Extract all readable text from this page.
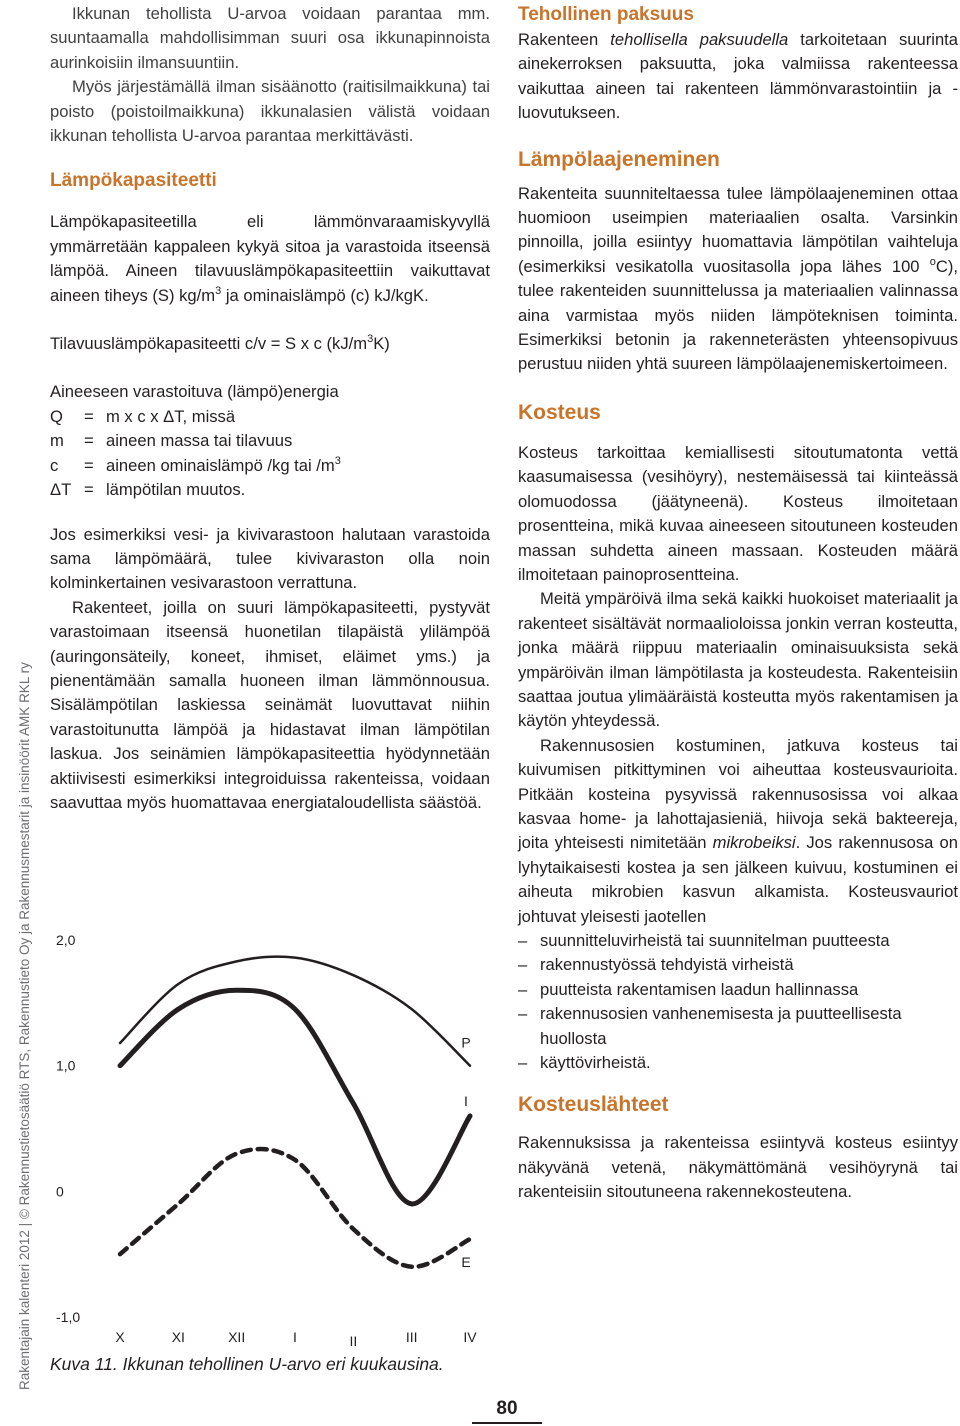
Rakentajain kalenteri 2012 | © Rakennustietosäätiö RTS, Rakennustieto Oy ja Rakennusmestarit ja insinöörit AMK RKL ry

Ikkunan tehollista U-arvoa voidaan parantaa mm. suuntaamalla mahdollisimman suuri osa ikkunapinnoista aurinkoisiin ilmansuuntiin.

Myös järjestämällä ilman sisäänotto (raitisilmaikkuna) tai poisto (poistoilmaikkuna) ikkunalasien välistä voidaan ikkunan tehollista U-arvoa parantaa merkittävästi.

Lämpökapasiteetti

Lämpökapasiteetilla eli lämmönvaraamiskyvyllä ymmärretään kappaleen kykyä sitoa ja varastoida itseensä lämpöä. Aineen tilavuuslämpökapasiteettiin vaikuttavat aineen tiheys (S) $kg/m^3$ ja ominaislämpö (c) kJ/kgK.

Tilavuuslämpökapasiteetti c/v = S x c $(kJ/m^3K)$

Aineeseen varastoituva (lämpö)energia

Q	= m x c x ΔT, missä
m	= aineen massa tai tilavuus
c	= aineen ominaislämpö /kg tai $/m^3$
ΔT = lämpötilan muutos.

Jos esimerkiksi vesi- ja kivivarastoon halutaan varastoida sama lämpömäärä, tulee kivivaraston olla noin kolminkertainen vesivarastoon verrattuna.

Rakenteet, joilla on suuri lämpökapasiteetti, pystyvät varastoimaan itseensä huonetilan tilapäistä ylilämpöä (auringonsäteily, koneet, ihmiset, eläimet yms.) ja pienentämään samalla huoneen ilman lämmönnousua. Sisälämpötilan laskiessa seinämät luovuttavat niihin varastoitunutta lämpöä ja hidastavat ilman lämpötilan laskua. Jos seinämien lämpökapasiteettia hyödynnetään aktiivisesti esimerkiksi integroiduissa rakenteissa, voidaan saavuttaa myös huomattavaa energiataloudellista säästöä.

2,0
1,0
0
-1,0
X	XI	XII	I	II	III	IV
P
I
E
Kuva 11. Ikkunan tehollinen U-arvo eri kuukausina.
Tehollinen paksuus

Rakenteen tehollisella paksuudella tarkoitetaan suurinta ainekerroksen paksuutta, joka valmiissa rakenteessa vaikuttaa aineen tai rakenteen lämmönvarastointiin ja -luovutukseen.

Lämpölaajeneminen

Rakenteita suunniteltaessa tulee lämpölaajeneminen ottaa huomioon useimpien materiaalien osalta. Varsinkin pinnoilla, joilla esiintyy huomattavia lämpötilan vaihteluja (esimerkiksi vesikatolla vuositasolla jopa lähes 100 $^o$C), tulee rakenteiden suunnittelussa ja materiaalien valinnassa aina varmistaa myös niiden lämpöteknisen toiminta. Esimerkiksi betonin ja rakenneterästen yhteensopivuus perustuu niiden yhtä suureen lämpölaajenemiskertoimeen.

Kosteus

Kosteus tarkoittaa kemiallisesti sitoutumatonta vettä kaasumaisessa (vesihöyry), nestemäisessä tai kiinteässä olomuodossa (jäätyneenä). Kosteus ilmoitetaan prosentteina, mikä kuvaa aineeseen sitoutuneen kosteuden massan suhdetta aineen massaan. Kosteuden määrä ilmoitetaan painoprosentteina.

Meitä ympäröivä ilma sekä kaikki huokoiset materiaalit ja rakenteet sisältävät normaalioloissa jonkin verran kosteutta, jonka määrä riippuu materiaalin ominaisuuksista sekä ympäröivän ilman lämpötilasta ja kosteudesta. Rakenteisiin saattaa joutua ylimääräistä kosteutta myös rakentamisen ja käytön yhteydessä.

Rakennusosien kostuminen, jatkuva kosteus tai kuivumisen pitkittyminen voi aiheuttaa kosteusvaurioita. Pitkään kosteina pysyvissä rakennusosissa voi alkaa kasvaa home- ja lahottajasieniä, hiivoja sekä bakteereja, joita yhteisesti nimitetään mikrobeiksi. Jos rakennusosa on lyhytaikaisesti kostea ja sen jälkeen kuivuu, kostuminen ei aiheuta mikrobien kasvun alkamista. Kosteusvauriot johtuvat yleisesti jaotellen

– suunnitteluvirheistä tai suunnitelman puutteesta
– rakennustyössä tehdyistä virheistä
– puutteista rakentamisen laadun hallinnassa
– rakennusosien vanhenemisesta ja puutteellisesta huollosta
– käyttövirheistä.
Kosteuslähteet

Rakennuksissa ja rakenteissa esiintyvä kosteus esiintyy näkyvänä vetenä, näkymättömänä vesihöyrynä tai rakenteisiin sitoutuneena rakennekosteutena.

80
